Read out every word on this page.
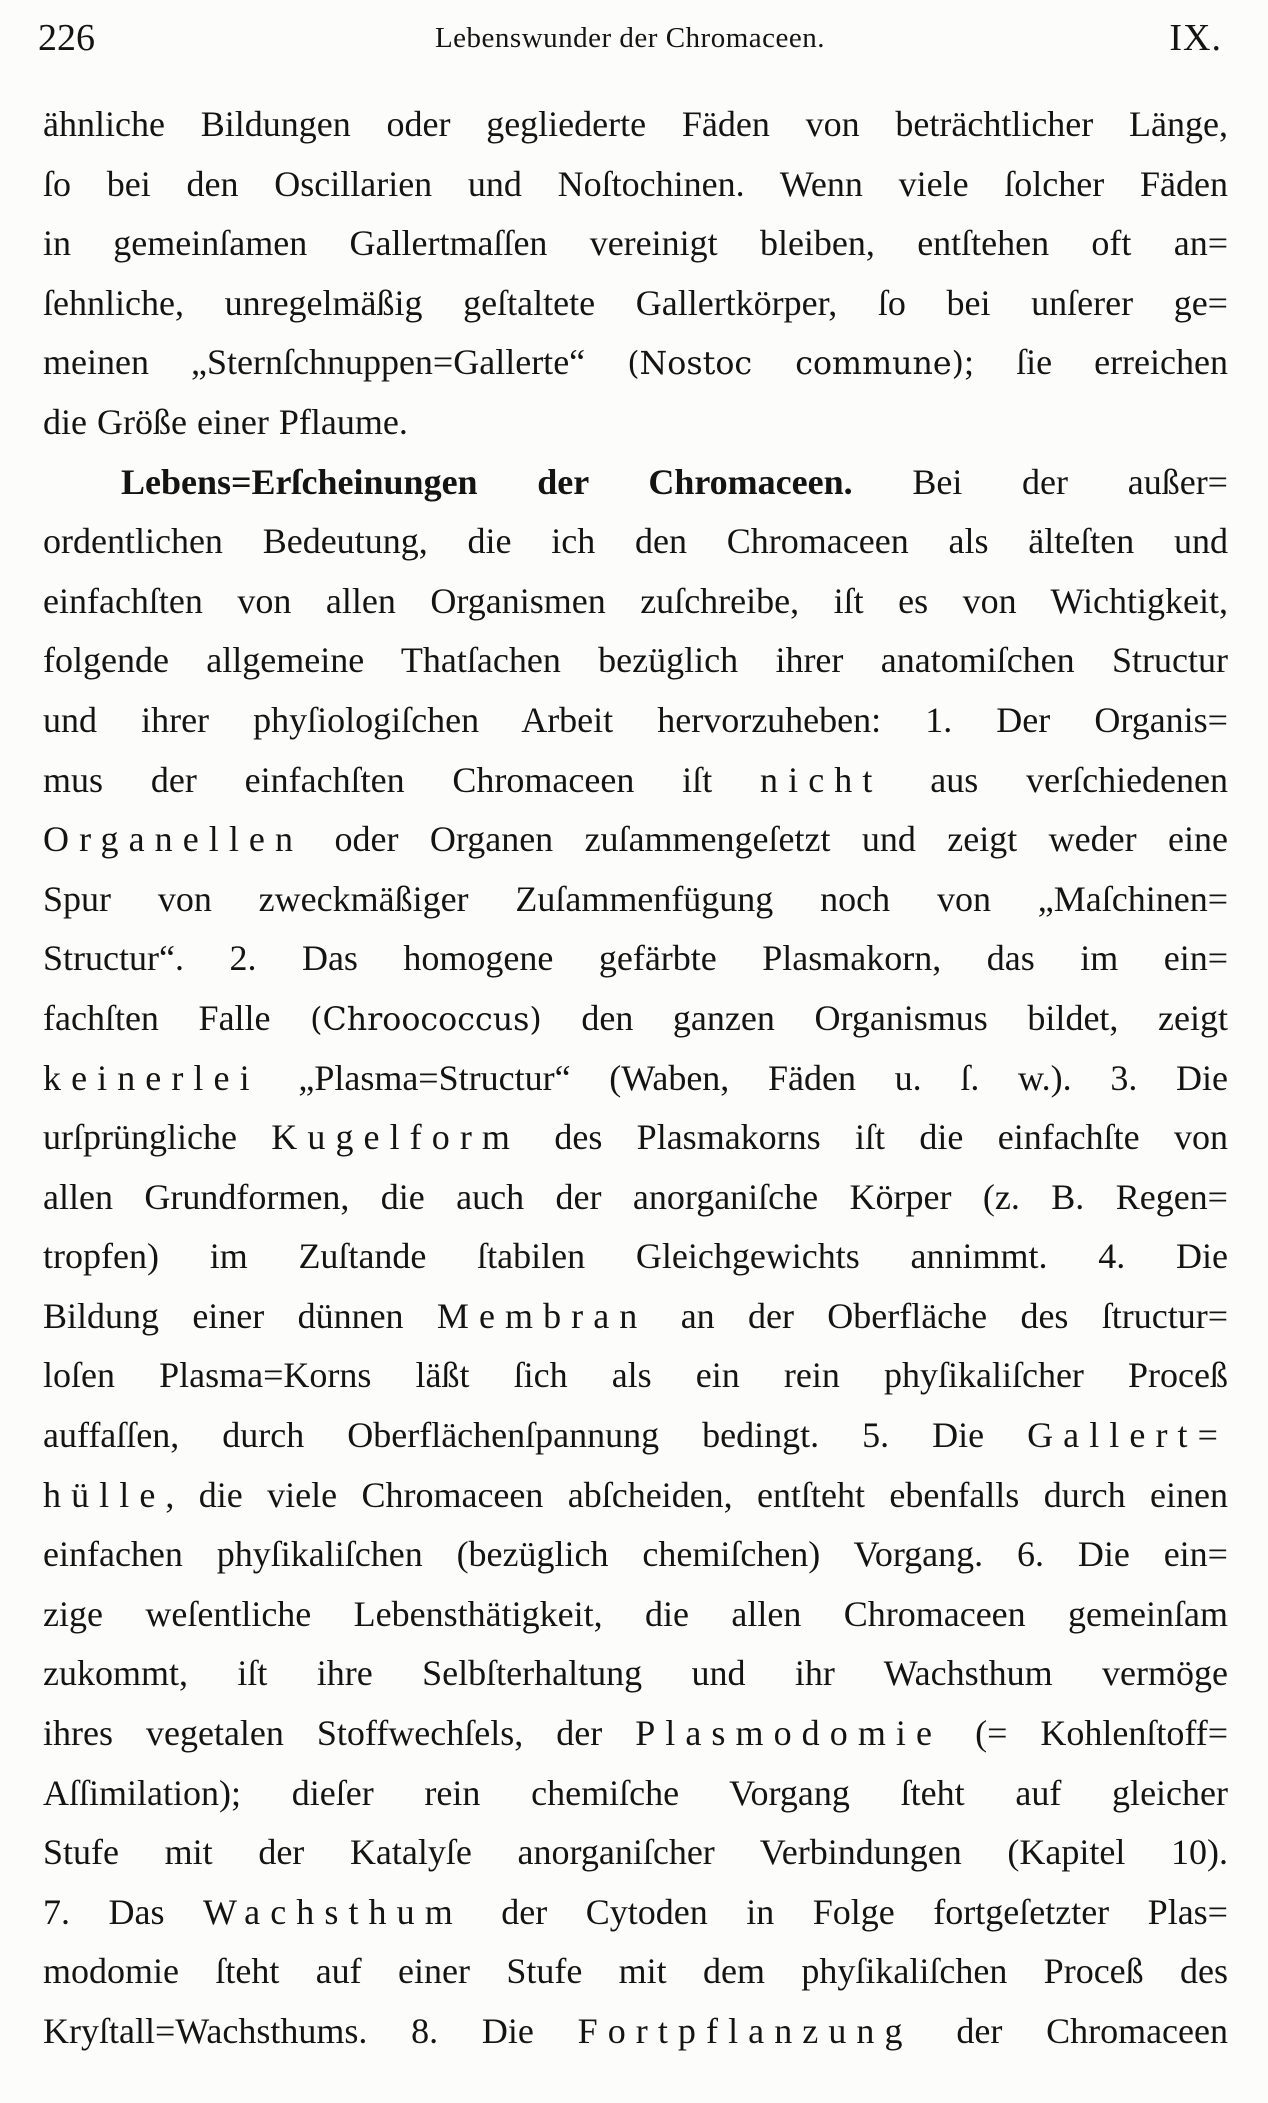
226	Lebenswunder der Chromaceen.	IX.
ähnliche Bildungen oder gegliederte Fäden von beträchtlicher Länge,
ſo bei den Oscillarien und Noſtochinen. Wenn viele ſolcher Fäden
in gemeinſamen Gallertmaſſen vereinigt bleiben, entſtehen oft an=
ſehnliche, unregelmäßig geſtaltete Gallertkörper, ſo bei unſerer ge=
meinen „Sternſchnuppen=Gallerte“ (Nostoc commune); ſie erreichen
die Größe einer Pflaume.
Lebens=Erſcheinungen der Chromaceen. Bei der außer=
ordentlichen Bedeutung, die ich den Chromaceen als älteſten und
einfachſten von allen Organismen zuſchreibe, iſt es von Wichtigkeit,
folgende allgemeine Thatſachen bezüglich ihrer anatomiſchen Structur
und ihrer phyſiologiſchen Arbeit hervorzuheben: 1. Der Organis=
mus der einfachſten Chromaceen iſt nicht aus verſchiedenen
Organellen oder Organen zuſammengeſetzt und zeigt weder eine
Spur von zweckmäßiger Zuſammenfügung noch von „Maſchinen=
Structur“. 2. Das homogene gefärbte Plasmakorn, das im ein=
fachſten Falle (Chroococcus) den ganzen Organismus bildet, zeigt
keinerlei „Plasma=Structur“ (Waben, Fäden u. ſ. w.). 3. Die
urſprüngliche Kugelform des Plasmakorns iſt die einfachſte von
allen Grundformen, die auch der anorganiſche Körper (z. B. Regen=
tropfen) im Zuſtande ſtabilen Gleichgewichts annimmt. 4. Die
Bildung einer dünnen Membran an der Oberfläche des ſtructur=
loſen Plasma=Korns läßt ſich als ein rein phyſikaliſcher Proceß
auffaſſen, durch Oberflächenſpannung bedingt. 5. Die Gallert=
hülle, die viele Chromaceen abſcheiden, entſteht ebenfalls durch einen
einfachen phyſikaliſchen (bezüglich chemiſchen) Vorgang. 6. Die ein=
zige weſentliche Lebensthätigkeit, die allen Chromaceen gemeinſam
zukommt, iſt ihre Selbſterhaltung und ihr Wachsthum vermöge
ihres vegetalen Stoffwechſels, der Plasmodomie (= Kohlenſtoff=
Aſſimilation); dieſer rein chemiſche Vorgang ſteht auf gleicher
Stufe mit der Katalyſe anorganiſcher Verbindungen (Kapitel 10).
7. Das Wachsthum der Cytoden in Folge fortgeſetzter Plas=
modomie ſteht auf einer Stufe mit dem phyſikaliſchen Proceß des
Kryſtall=Wachsthums. 8. Die Fortpflanzung der Chromaceen
